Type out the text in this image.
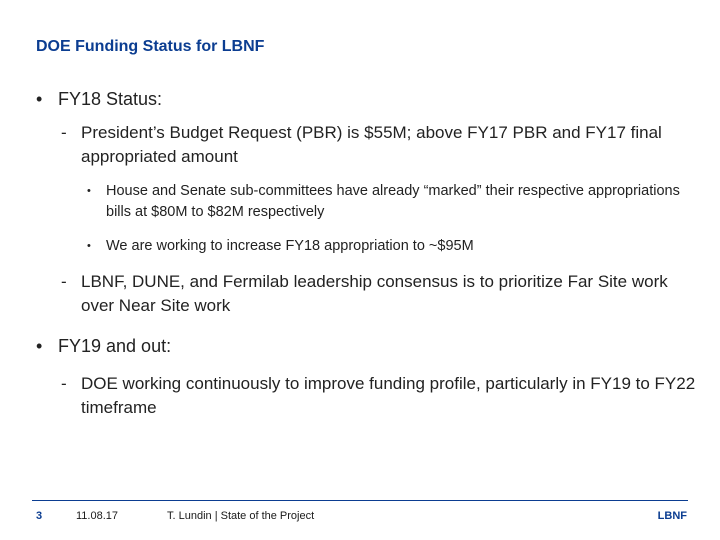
DOE Funding Status for LBNF
• FY18 Status:
- President’s Budget Request (PBR) is $55M; above FY17 PBR and FY17 final appropriated amount
•	House and Senate sub-committees have already “marked” their respective appropriations bills at $80M to $82M respectively
•	We are working to increase FY18 appropriation to ~$95M
- LBNF, DUNE, and Fermilab leadership consensus is to prioritize Far Site work over Near Site work
• FY19 and out:
- DOE working continuously to improve funding profile, particularly in FY19 to FY22 timeframe
3	11.08.17	T. Lundin | State of the Project	LBNF
